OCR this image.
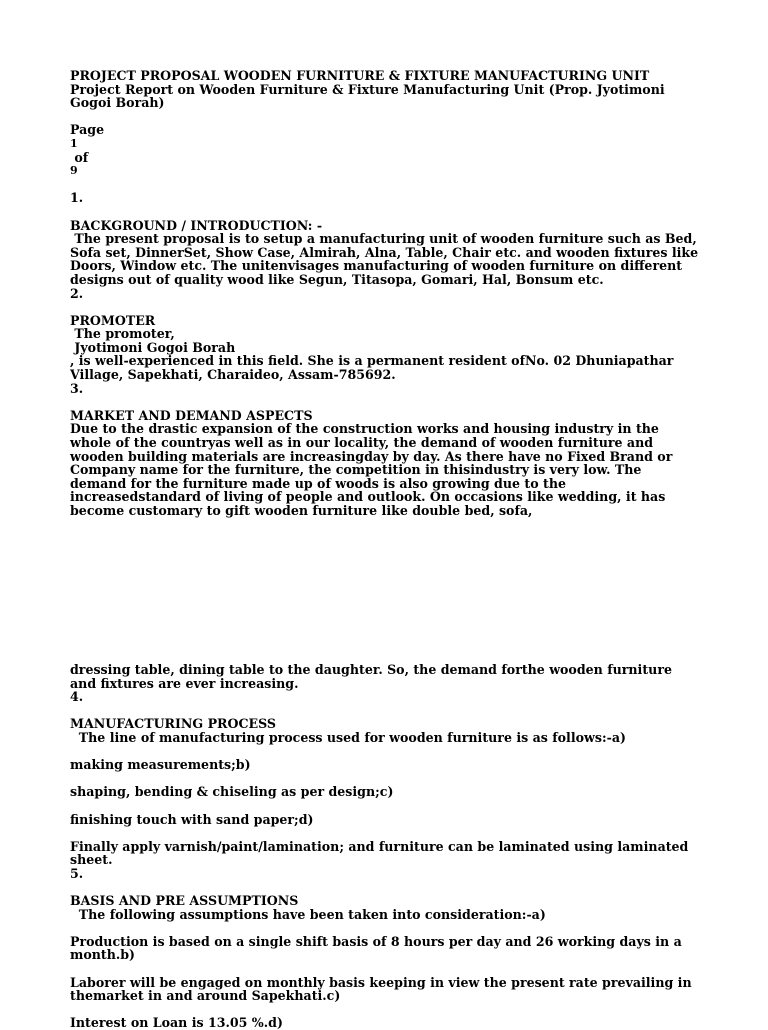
PROJECT PROPOSAL WOODEN FURNITURE & FIXTURE MANUFACTURING UNIT

Project Report on Wooden Furniture & Fixture Manufacturing Unit (Prop. Jyotimoni Gogoi Borah)

Page

1

of

9

1.

BACKGROUND / INTRODUCTION: -

The present proposal is to setup a manufacturing unit of wooden furniture such as Bed, Sofa set, DinnerSet, Show Case, Almirah, Alna, Table, Chair etc. and wooden fixtures like Doors, Window etc. The unitenvisages manufacturing of wooden furniture on different designs out of quality wood like Segun, Titasopa, Gomari, Hal, Bonsum etc.

2.

PROMOTER

The promoter,

Jyotimoni Gogoi Borah

, is well-experienced in this field. She is a permanent resident ofNo. 02 Dhuniapathar Village, Sapekhati, Charaideo, Assam-785692.

3.

MARKET AND DEMAND ASPECTS

Due to the drastic expansion of the construction works and housing industry in the whole of the countryas well as in our locality, the demand of wooden furniture and wooden building materials are increasingday by day. As there have no Fixed Brand or Company name for the furniture, the competition in thisindustry is very low. The demand for the furniture made up of woods is also growing due to the increasedstandard of living of people and outlook. On occasions like wedding, it has become customary to gift wooden furniture like double bed, sofa,

dressing table, dining table to the daughter. So, the demand forthe wooden furniture and fixtures are ever increasing.

4.

MANUFACTURING PROCESS

The line of manufacturing process used for wooden furniture is as follows:-a)

making measurements;b)

shaping, bending & chiseling as per design;c)

finishing touch with sand paper;d)

Finally apply varnish/paint/lamination; and furniture can be laminated using laminated sheet.

5.

BASIS AND PRE ASSUMPTIONS

The following assumptions have been taken into consideration:-a)

Production is based on a single shift basis of 8 hours per day and 26 working days in a month.b)

Laborer will be engaged on monthly basis keeping in view the present rate prevailing in themarket in and around Sapekhati.c)

Interest on Loan is 13.05 %.d)
